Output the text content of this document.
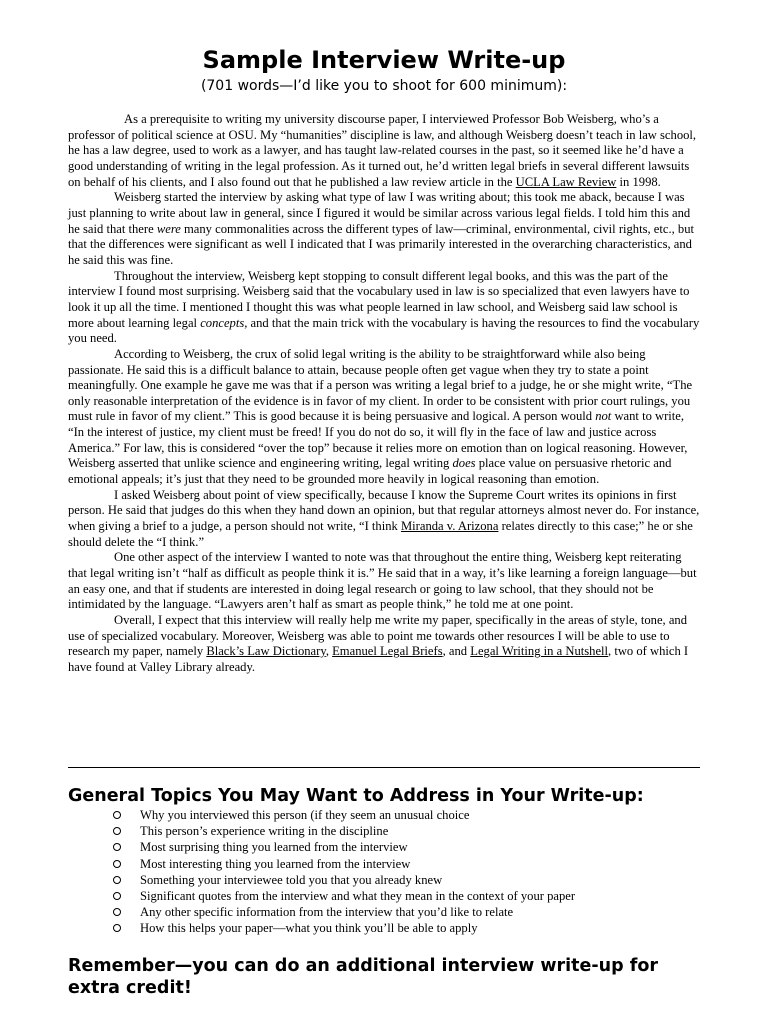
Sample Interview Write-up
(701 words—I’d like you to shoot for 600 minimum):

As a prerequisite to writing my university discourse paper, I interviewed Professor Bob Weisberg, who’s a professor of political science at OSU. My “humanities” discipline is law, and although Weisberg doesn’t teach in law school, he has a law degree, used to work as a lawyer, and has taught law-related courses in the past, so it seemed like he’d have a good understanding of writing in the legal profession. As it turned out, he’d written legal briefs in several different lawsuits on behalf of his clients, and I also found out that he published a law review article in the UCLA Law Review in 1998.

Weisberg started the interview by asking what type of law I was writing about; this took me aback, because I was just planning to write about law in general, since I figured it would be similar across various legal fields. I told him this and he said that there were many commonalities across the different types of law—criminal, environmental, civil rights, etc., but that the differences were significant as well I indicated that I was primarily interested in the overarching characteristics, and he said this was fine.

Throughout the interview, Weisberg kept stopping to consult different legal books, and this was the part of the interview I found most surprising. Weisberg said that the vocabulary used in law is so specialized that even lawyers have to look it up all the time. I mentioned I thought this was what people learned in law school, and Weisberg said law school is more about learning legal concepts, and that the main trick with the vocabulary is having the resources to find the vocabulary you need.

According to Weisberg, the crux of solid legal writing is the ability to be straightforward while also being passionate. He said this is a difficult balance to attain, because people often get vague when they try to state a point meaningfully. One example he gave me was that if a person was writing a legal brief to a judge, he or she might write, “The only reasonable interpretation of the evidence is in favor of my client. In order to be consistent with prior court rulings, you must rule in favor of my client.” This is good because it is being persuasive and logical. A person would not want to write, “In the interest of justice, my client must be freed! If you do not do so, it will fly in the face of law and justice across America.” For law, this is considered “over the top” because it relies more on emotion than on logical reasoning. However, Weisberg asserted that unlike science and engineering writing, legal writing does place value on persuasive rhetoric and emotional appeals; it’s just that they need to be grounded more heavily in logical reasoning than emotion.

I asked Weisberg about point of view specifically, because I know the Supreme Court writes its opinions in first person. He said that judges do this when they hand down an opinion, but that regular attorneys almost never do. For instance, when giving a brief to a judge, a person should not write, “I think Miranda v. Arizona relates directly to this case;” he or she should delete the “I think.”

One other aspect of the interview I wanted to note was that throughout the entire thing, Weisberg kept reiterating that legal writing isn’t “half as difficult as people think it is.” He said that in a way, it’s like learning a foreign language—but an easy one, and that if students are interested in doing legal research or going to law school, that they should not be intimidated by the language. “Lawyers aren’t half as smart as people think,” he told me at one point.

Overall, I expect that this interview will really help me write my paper, specifically in the areas of style, tone, and use of specialized vocabulary. Moreover, Weisberg was able to point me towards other resources I will be able to use to research my paper, namely Black’s Law Dictionary, Emanuel Legal Briefs, and Legal Writing in a Nutshell, two of which I have found at Valley Library already.

General Topics You May Want to Address in Your Write-up:
Why you interviewed this person (if they seem an unusual choice
This person’s experience writing in the discipline
Most surprising thing you learned from the interview
Most interesting thing you learned from the interview
Something your interviewee told you that you already knew
Significant quotes from the interview and what they mean in the context of your paper
Any other specific information from the interview that you’d like to relate
How this helps your paper—what you think you’ll be able to apply
Remember—you can do an additional interview write-up for extra credit!
